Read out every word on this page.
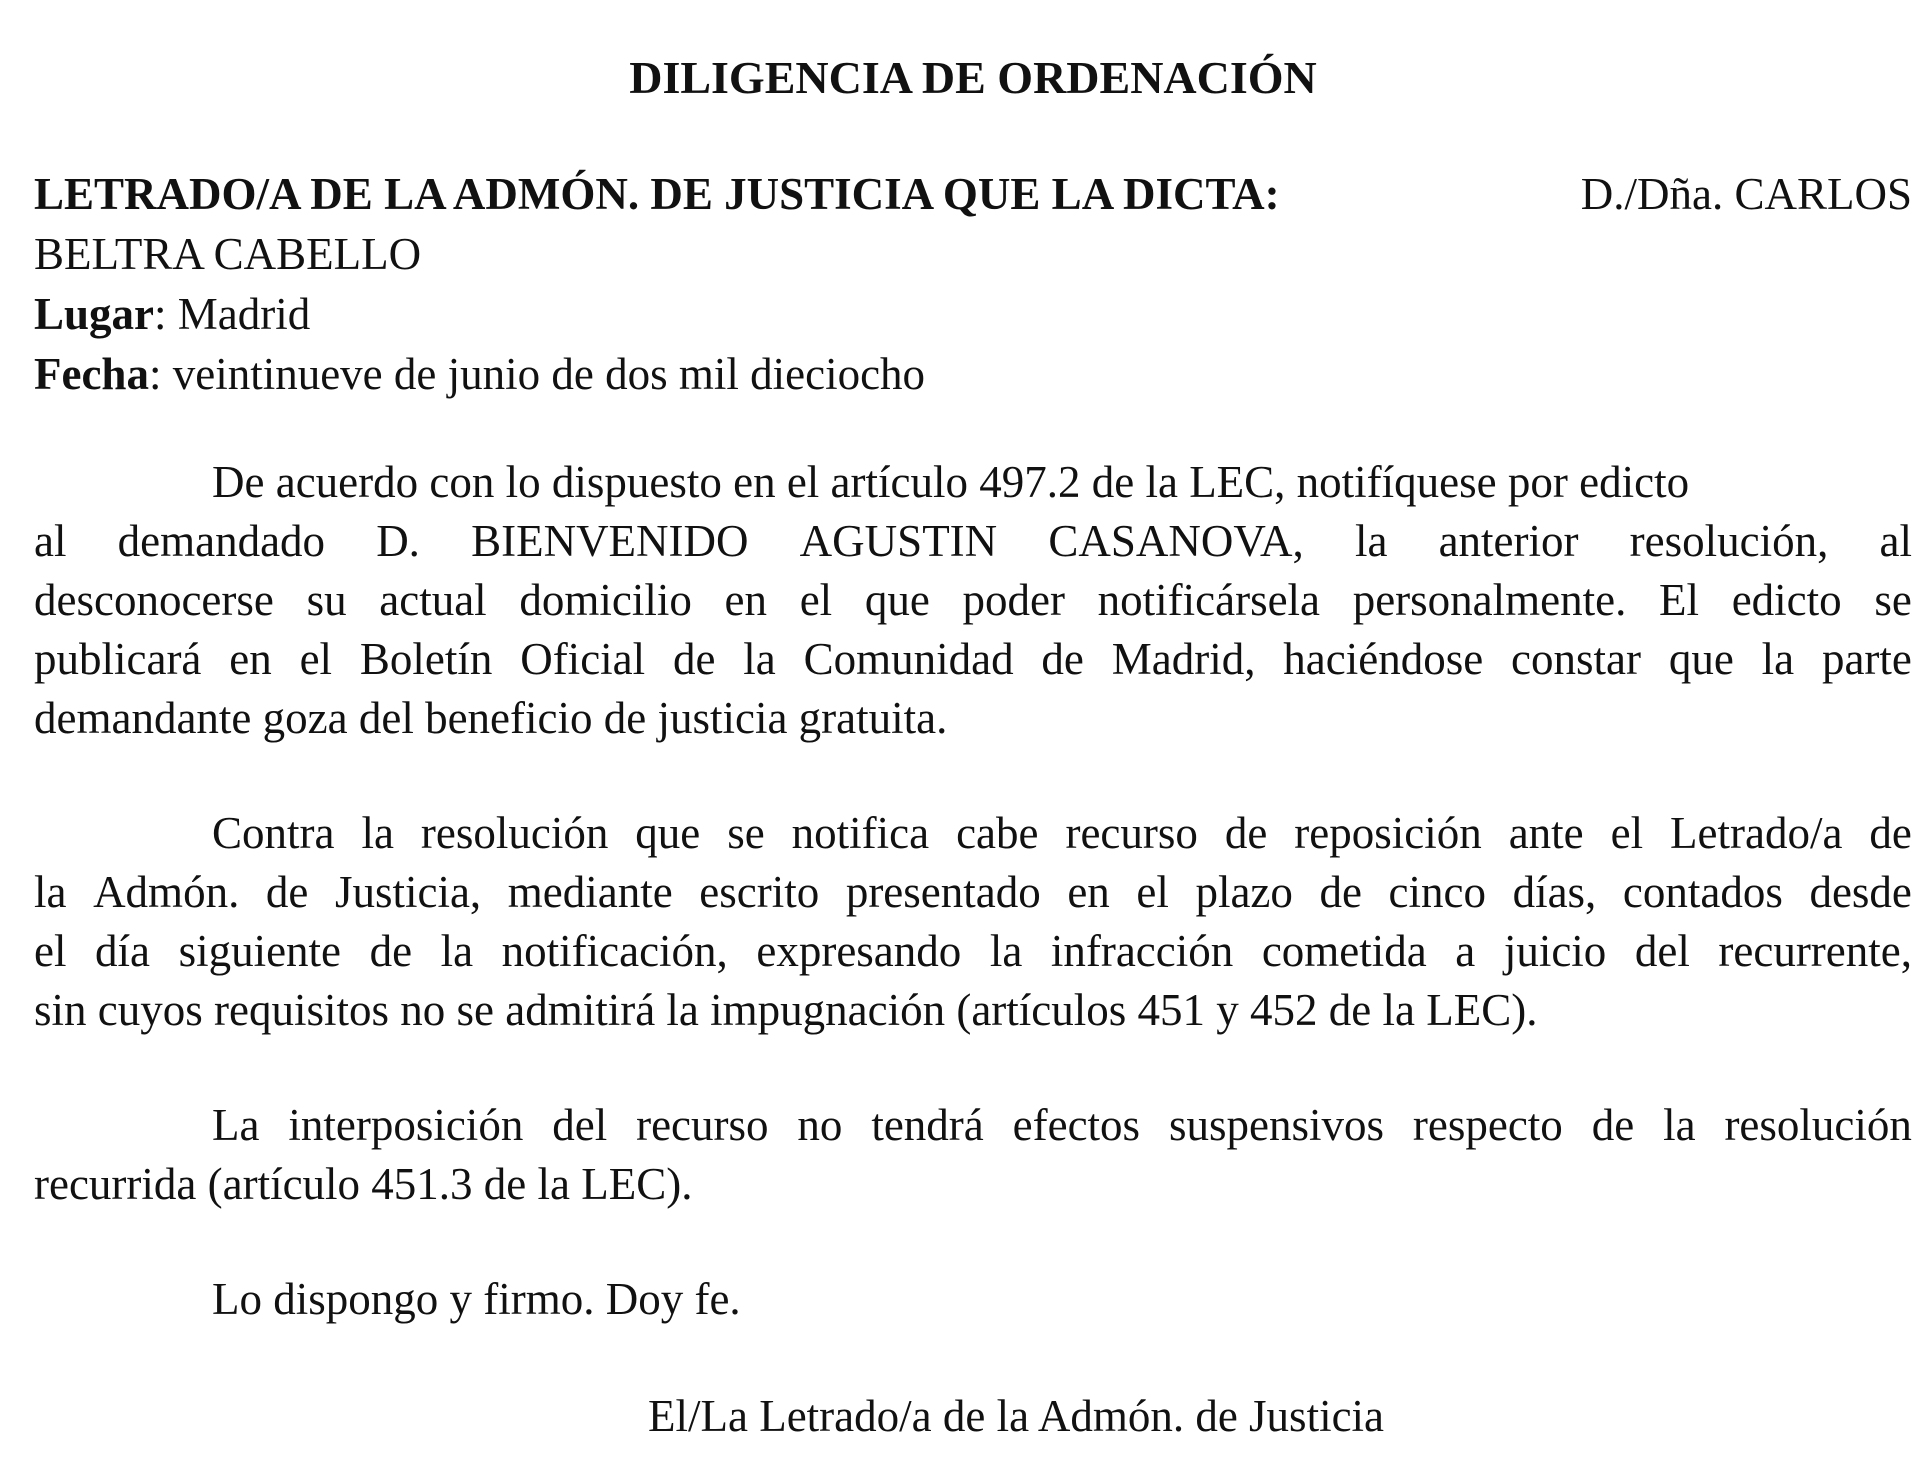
DILIGENCIA DE ORDENACIÓN
LETRADO/A DE LA ADMÓN. DE JUSTICIA QUE LA DICTA:	D./Dña. CARLOS
BELTRA CABELLO
Lugar: Madrid
Fecha: veintinueve de junio de dos mil dieciocho
De acuerdo con lo dispuesto en el artículo 497.2 de la LEC, notifíquese por edicto
al demandado D. BIENVENIDO AGUSTIN CASANOVA, la anterior resolución, al
desconocerse su actual domicilio en el que poder notificársela personalmente. El edicto se
publicará en el Boletín Oficial de la Comunidad de Madrid, haciéndose constar que la parte
demandante goza del beneficio de justicia gratuita.
Contra la resolución que se notifica cabe recurso de reposición ante el Letrado/a de
la Admón. de Justicia, mediante escrito presentado en el plazo de cinco días, contados desde
el día siguiente de la notificación, expresando la infracción cometida a juicio del recurrente,
sin cuyos requisitos no se admitirá la impugnación (artículos 451 y 452 de la LEC).
La interposición del recurso no tendrá efectos suspensivos respecto de la resolución
recurrida (artículo 451.3 de la LEC).
Lo dispongo y firmo. Doy fe.
El/La Letrado/a de la Admón. de Justicia
